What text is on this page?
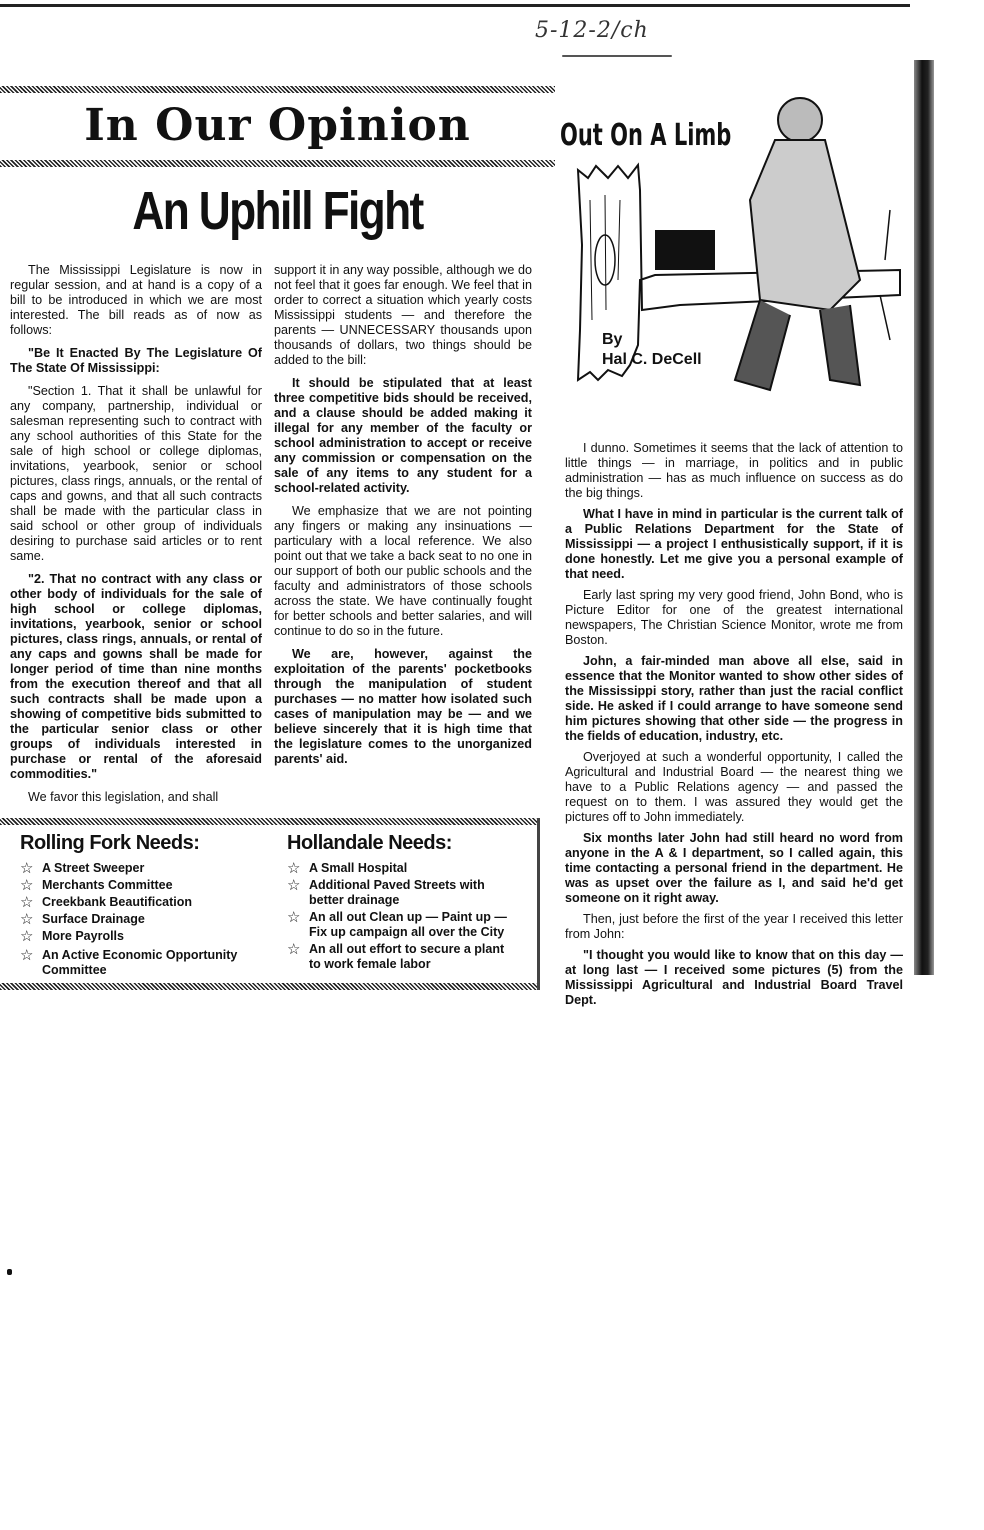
5-12-2/ch
In Our Opinion
An Uphill Fight

The Mississippi Legislature is now in regular session, and at hand is a copy of a bill to be introduced in which we are most interested. The bill reads as of now as follows:

"Be It Enacted By The Legislature Of The State Of Mississippi:

"Section 1. That it shall be unlawful for any company, partnership, individual or salesman representing such to contract with any school authorities of this State for the sale of high school or college diplomas, invitations, yearbook, senior or school pictures, class rings, annuals, or the rental of caps and gowns, and that all such contracts shall be made with the particular class in said school or other group of individuals desiring to purchase said articles or to rent same.

"2. That no contract with any class or other body of individuals for the sale of high school or college diplomas, invitations, yearbook, senior or school pictures, class rings, annuals, or rental of any caps and gowns shall be made for longer period of time than nine months from the execution thereof and that all such contracts shall be made upon a showing of competitive bids submitted to the particular senior class or other groups of individuals interested in purchase or rental of the aforesaid commodities."

We favor this legislation, and shall

support it in any way possible, although we do not feel that it goes far enough. We feel that in order to correct a situation which yearly costs Mississippi students — and therefore the parents — UNNECESSARY thousands upon thousands of dollars, two things should be added to the bill:

It should be stipulated that at least three competitive bids should be received, and a clause should be added making it illegal for any member of the faculty or school administration to accept or receive any commission or compensation on the sale of any items to any student for a school-related activity.

We emphasize that we are not pointing any fingers or making any insinuations — particulary with a local reference. We also point out that we take a back seat to no one in our support of both our public schools and the faculty and administrators of those schools across the state. We have continually fought for better schools and better salaries, and will continue to do so in the future.

We are, however, against the exploitation of the parents' pocketbooks through the manipulation of student purchases — no matter how isolated such cases of manipulation may be — and we believe sincerely that it is high time that the legislature comes to the unorganized parents' aid.

Rolling Fork Needs:
☆ A Street Sweeper
☆ Merchants Committee
☆ Creekbank Beautification
☆ Surface Drainage
☆ More Payrolls
☆ An Active Economic Opportunity Committee
Hollandale Needs:
☆ A Small Hospital
☆ Additional Paved Streets with better drainage
☆ An all out Clean up — Paint up — Fix up campaign all over the City
☆ An all out effort to secure a plant to work female labor
Out On A Limb
By
Hal C. DeCell

I dunno. Sometimes it seems that the lack of attention to little things — in marriage, in politics and in public administration — has as much influence on success as do the big things.

What I have in mind in particular is the current talk of a Public Relations Department for the State of Mississippi — a project I enthusistically support, if it is done honestly. Let me give you a personal example of that need.

Early last spring my very good friend, John Bond, who is Picture Editor for one of the greatest international newspapers, The Christian Science Monitor, wrote me from Boston.

John, a fair-minded man above all else, said in essence that the Monitor wanted to show other sides of the Mississippi story, rather than just the racial conflict side. He asked if I could arrange to have someone send him pictures showing that other side — the progress in the fields of education, industry, etc.

Overjoyed at such a wonderful opportunity, I called the Agricultural and Industrial Board — the nearest thing we have to a Public Relations agency — and passed the request on to them. I was assured they would get the pictures off to John immediately.

Six months later John had still heard no word from anyone in the A & I department, so I called again, this time contacting a personal friend in the department. He was as upset over the failure as I, and said he'd get someone on it right away.

Then, just before the first of the year I received this letter from John:

"I thought you would like to know that on this day — at long last — I received some pictures (5) from the Mississippi Agricultural and Industrial Board Travel Dept.
